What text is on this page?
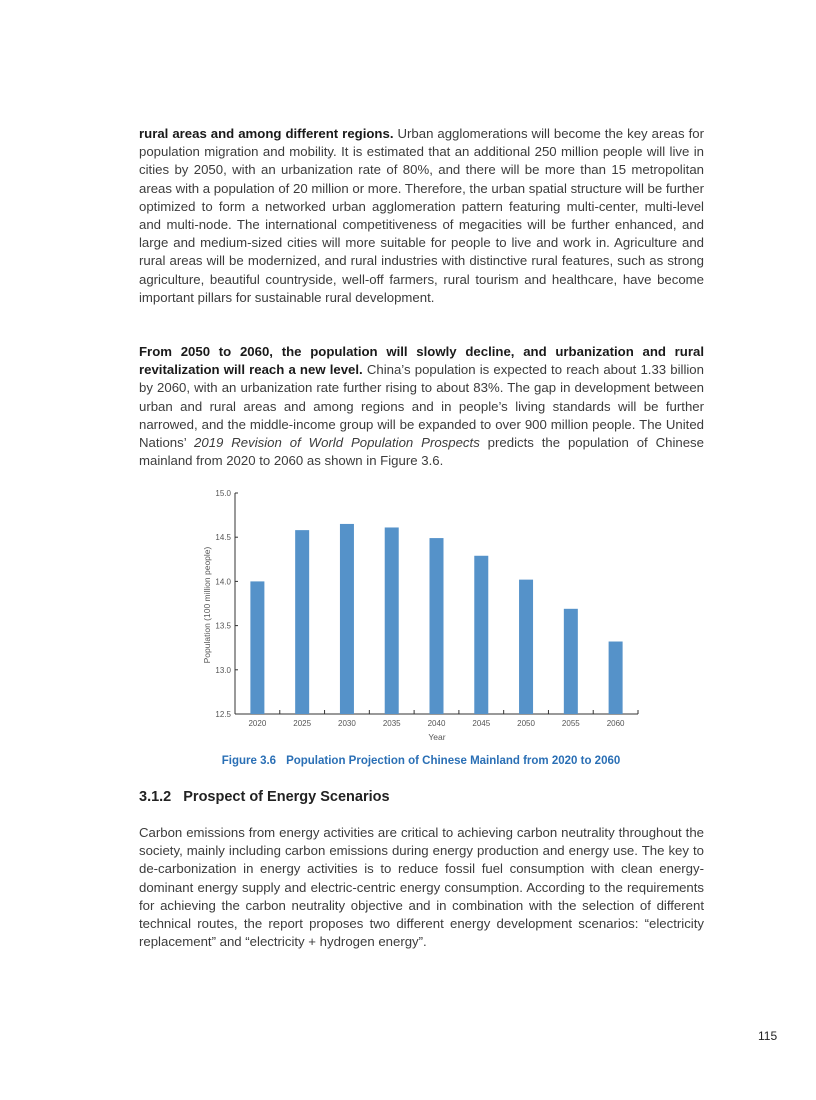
rural areas and among different regions. Urban agglomerations will become the key areas for population migration and mobility. It is estimated that an additional 250 million people will live in cities by 2050, with an urbanization rate of 80%, and there will be more than 15 metropolitan areas with a population of 20 million or more. Therefore, the urban spatial structure will be further optimized to form a networked urban agglomeration pattern featuring multi-center, multi-level and multi-node. The international competitiveness of megacities will be further enhanced, and large and medium-sized cities will more suitable for people to live and work in. Agriculture and rural areas will be modernized, and rural industries with distinctive rural features, such as strong agriculture, beautiful countryside, well-off farmers, rural tourism and healthcare, have become important pillars for sustainable rural development.
From 2050 to 2060, the population will slowly decline, and urbanization and rural revitalization will reach a new level. China’s population is expected to reach about 1.33 billion by 2060, with an urbanization rate further rising to about 83%. The gap in development between urban and rural areas and among regions and in people’s living standards will be further narrowed, and the middle-income group will be expanded to over 900 million people. The United Nations’ 2019 Revision of World Population Prospects predicts the population of Chinese mainland from 2020 to 2060 as shown in Figure 3.6.
12.5
13.0
13.5
14.0
14.5
15.0
2020	2025	2030	2035	2040	2045	2050	2055	2060
Population (100 million people)
Year
Figure 3.6 Population Projection of Chinese Mainland from 2020 to 2060
3.1.2 Prospect of Energy Scenarios
Carbon emissions from energy activities are critical to achieving carbon neutrality throughout the society, mainly including carbon emissions during energy production and energy use. The key to de-carbonization in energy activities is to reduce fossil fuel consumption with clean energy-dominant energy supply and electric-centric energy consumption. According to the requirements for achieving the carbon neutrality objective and in combination with the selection of different technical routes, the report proposes two different energy development scenarios: “electricity replacement” and “electricity + hydrogen energy”.
115
